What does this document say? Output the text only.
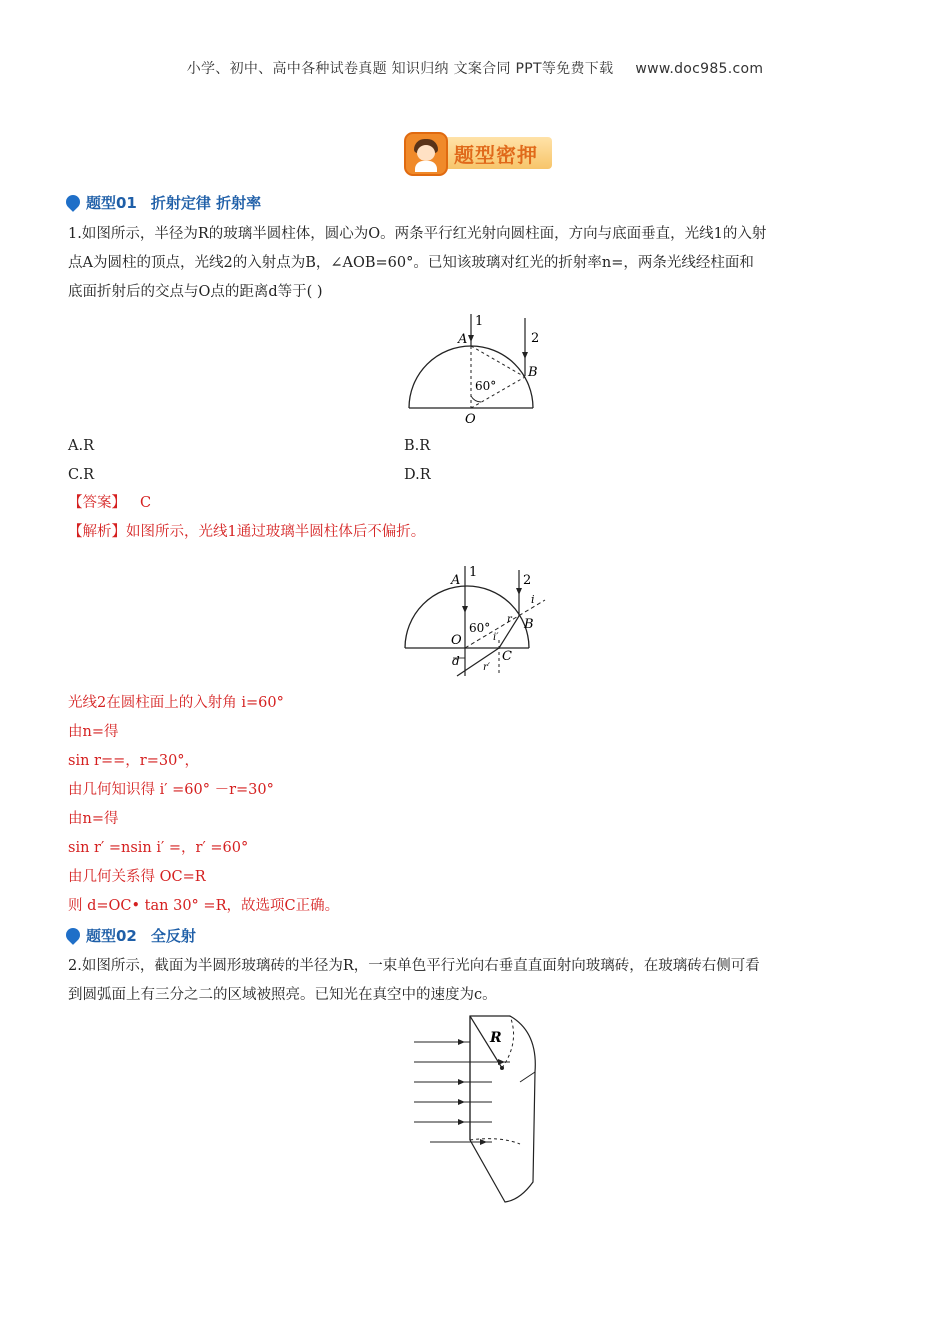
小学、初中、高中各种试卷真题 知识归纳 文案合同 PPT等免费下载 www.doc985.com
题型密押
题型01 折射定律 折射率
1.如图所示，半径为R的玻璃半圆柱体，圆心为O。两条平行红光射向圆柱面，方向与底面垂直，光线1的入射
点A为圆柱的顶点，光线2的入射点为B，∠AOB=60°。已知该玻璃对红光的折射率n=，两条光线经柱面和
底面折射后的交点与O点的距离d等于( )
1
2
A
B
O
60°
A.R	B.R
C.R	D.R
【答案】 C
【解析】如图所示，光线1通过玻璃半圆柱体后不偏折。
1
2
A
B
O
C
d
60°
i
r
i′
r′
光线2在圆柱面上的入射角 i=60°
由n=得
sin r==，r=30°，
由几何知识得 i′ =60° －r=30°
由n=得
sin r′ =nsin i′ =，r′ =60°
由几何关系得 OC=R
则 d=OC• tan 30° =R，故选项C正确。
题型02 全反射
2.如图所示，截面为半圆形玻璃砖的半径为R，一束单色平行光向右垂直直面射向玻璃砖，在玻璃砖右侧可看
到圆弧面上有三分之二的区域被照亮。已知光在真空中的速度为c。
R
